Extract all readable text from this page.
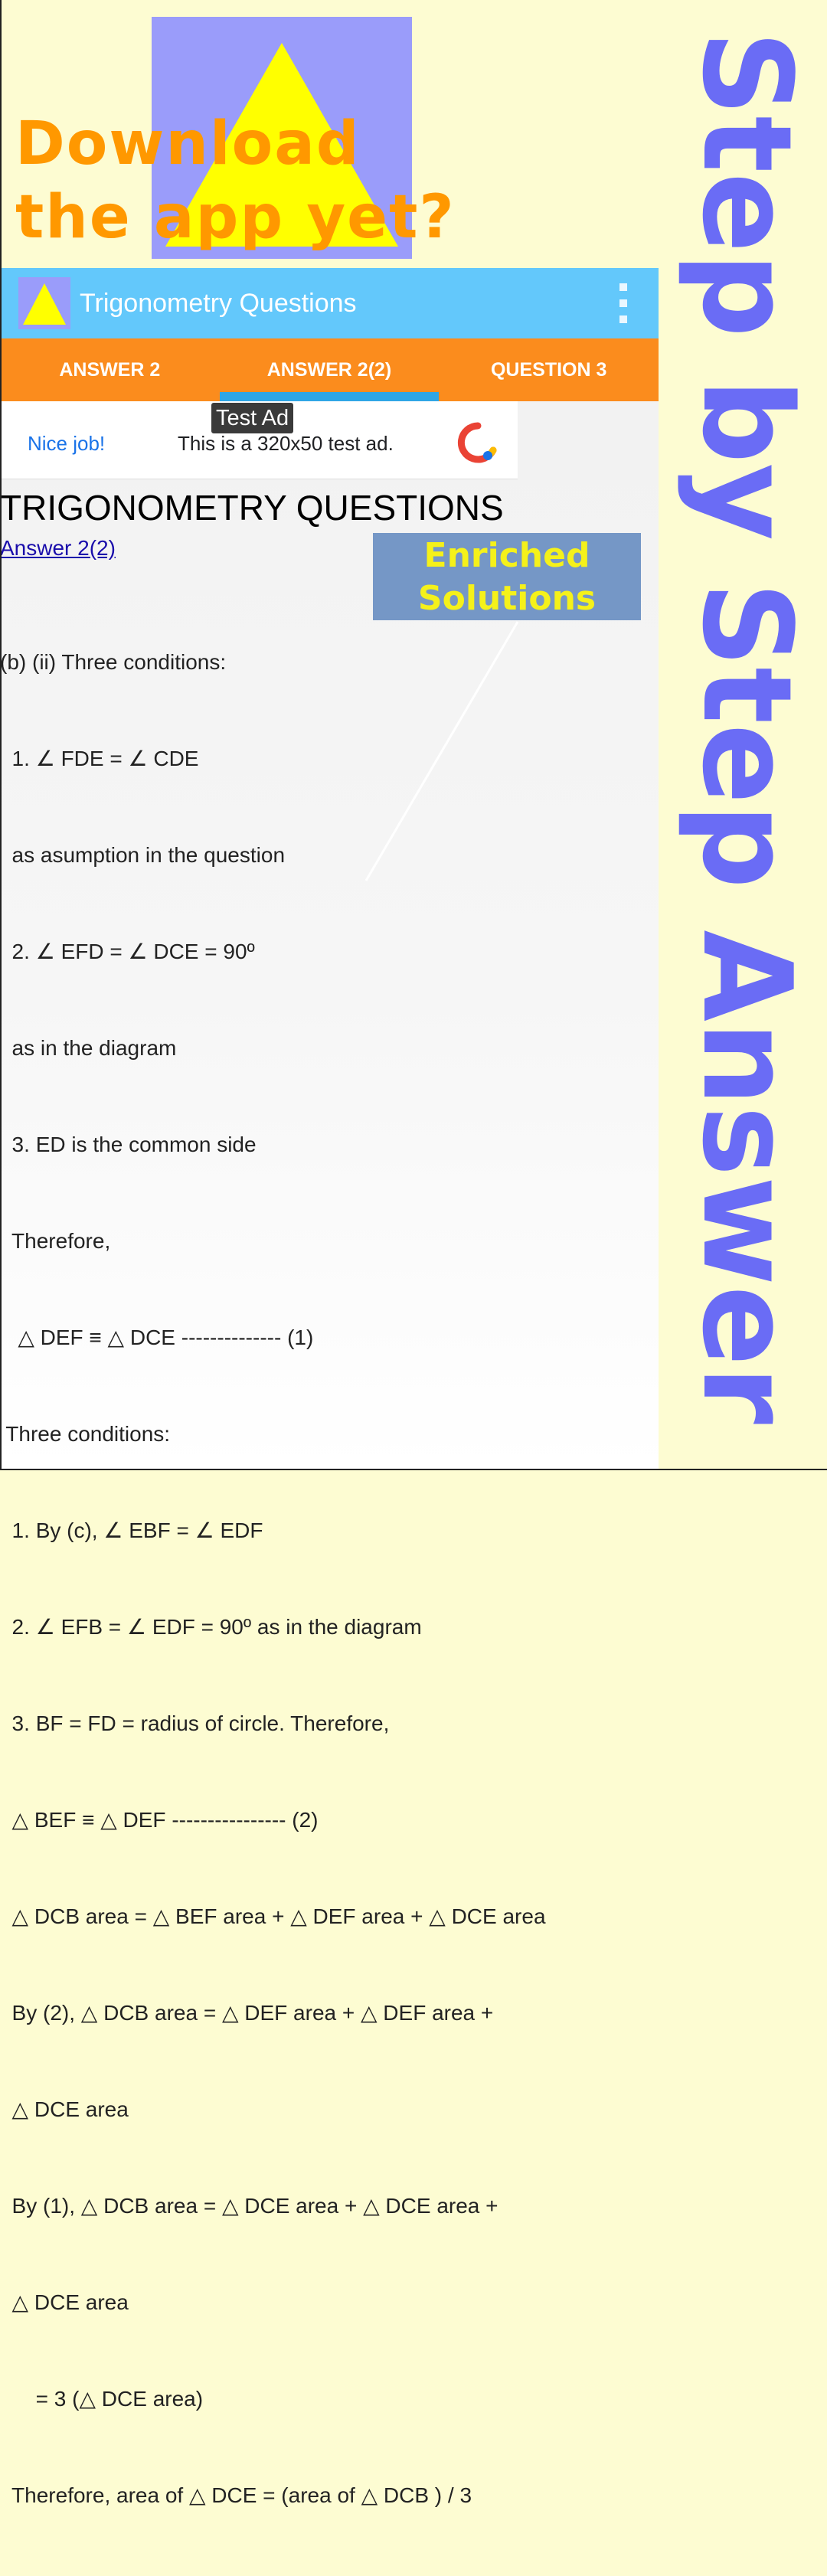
Download
the app yet?	Step by Step Answer
Trigonometry Questions
ANSWER 2	ANSWER 2(2)	QUESTION 3
Test Ad
Nice job!	This is a 320x50 test ad.
TRIGONOMETRY QUESTIONS
Answer 2(2)

(b) (ii) Three conditions:

1. ∠ FDE = ∠ CDE

as asumption in the question

2. ∠ EFD = ∠ DCE = 90º

as in the diagram

3. ED is the common side

Therefore,

△ DEF ≡ △ DCE -------------- (1)

Three conditions:

1. By (c), ∠ EBF = ∠ EDF

2. ∠ EFB = ∠ EDF = 90º as in the diagram

3. BF = FD = radius of circle. Therefore,

△ BEF ≡ △ DEF ---------------- (2)

△ DCB area = △ BEF area + △ DEF area + △ DCE area

By (2), △ DCB area = △ DEF area + △ DEF area +

△ DCE area

By (1), △ DCB area = △ DCE area + △ DCE area +

△ DCE area

= 3 (△ DCE area)

Therefore, area of △ DCE = (area of △ DCB ) / 3

Enriched
Solutions
